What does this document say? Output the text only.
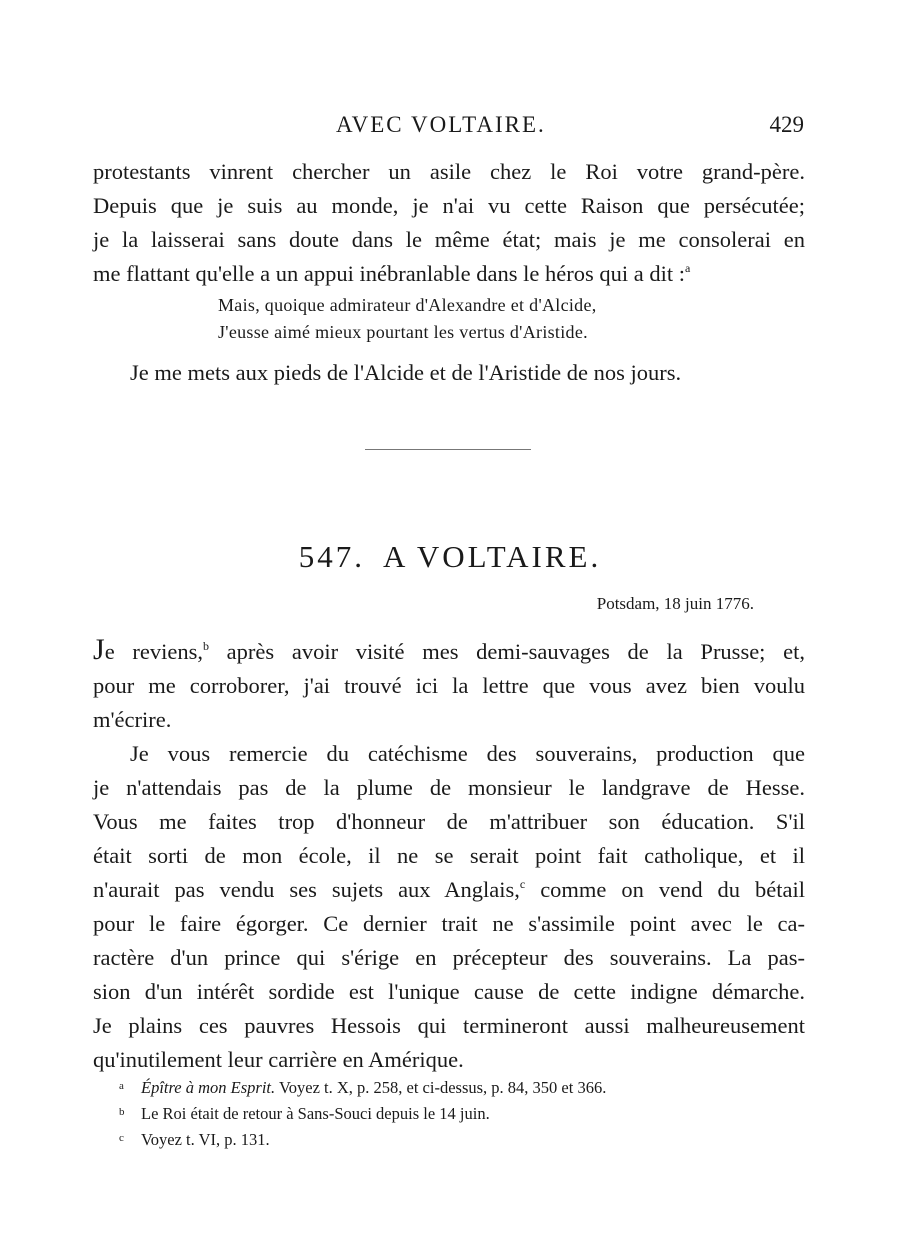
AVEC VOLTAIRE.	429
protestants vinrent chercher un asile chez le Roi votre grand-père.
Depuis que je suis au monde, je n'ai vu cette Raison que persécutée;
je la laisserai sans doute dans le même état; mais je me consolerai en
me flattant qu'elle a un appui inébranlable dans le héros qui a dit :$^a$
Mais, quoique admirateur d'Alexandre et d'Alcide,
J'eusse aimé mieux pourtant les vertus d'Aristide.
Je me mets aux pieds de l'Alcide et de l'Aristide de nos jours.
547. A VOLTAIRE.
Potsdam, 18 juin 1776.
Je reviens,$^b$ après avoir visité mes demi-sauvages de la Prusse; et,
pour me corroborer, j'ai trouvé ici la lettre que vous avez bien voulu
m'écrire.
Je vous remercie du catéchisme des souverains, production que
je n'attendais pas de la plume de monsieur le landgrave de Hesse.
Vous me faites trop d'honneur de m'attribuer son éducation. S'il
était sorti de mon école, il ne se serait point fait catholique, et il
n'aurait pas vendu ses sujets aux Anglais,$^c$ comme on vend du bétail
pour le faire égorger. Ce dernier trait ne s'assimile point avec le ca-
ractère d'un prince qui s'érige en précepteur des souverains. La pas-
sion d'un intérêt sordide est l'unique cause de cette indigne démarche.
Je plains ces pauvres Hessois qui termineront aussi malheureusement
qu'inutilement leur carrière en Amérique.
a Épître à mon Esprit. Voyez t. X, p. 258, et ci-dessus, p. 84, 350 et 366.
b Le Roi était de retour à Sans-Souci depuis le 14 juin.
c Voyez t. VI, p. 131.
